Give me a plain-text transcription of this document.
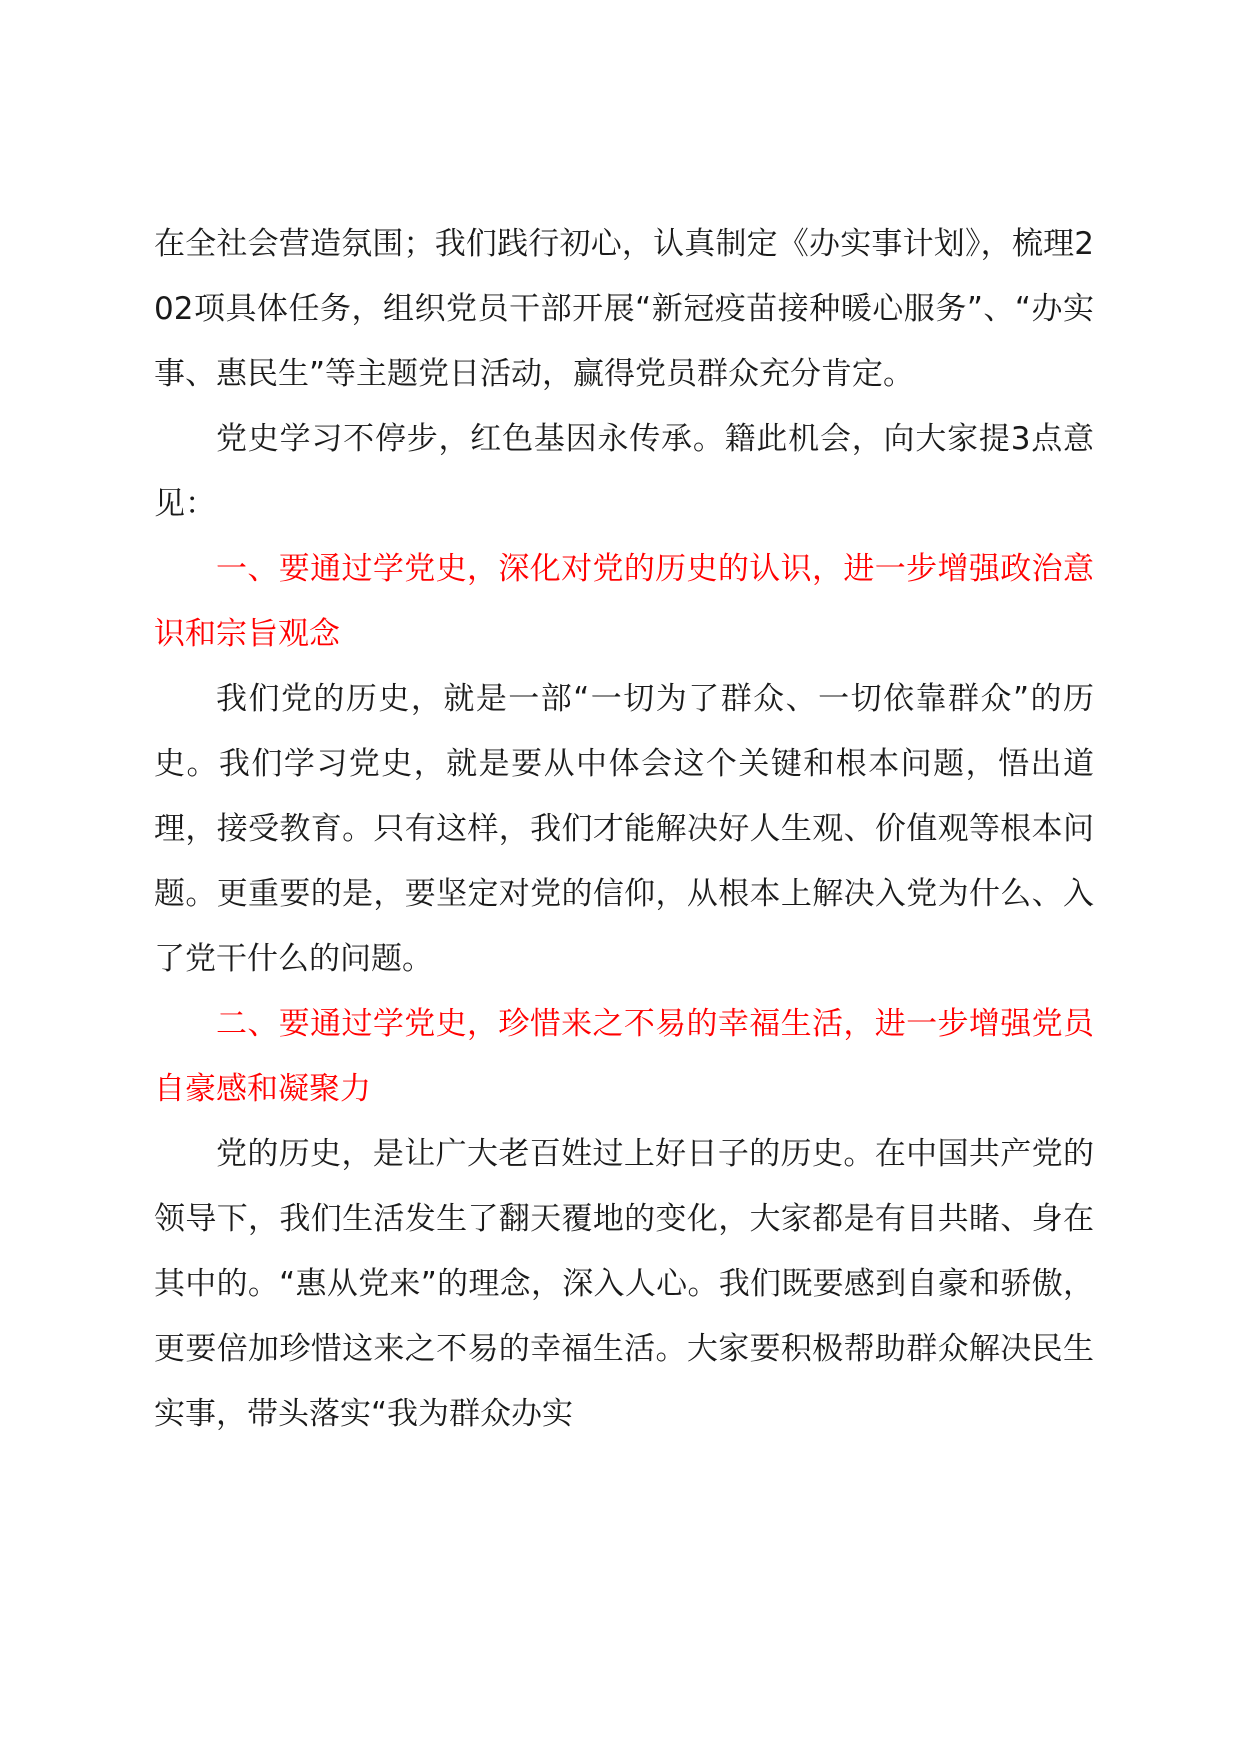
在全社会营造氛围；我们践行初心，认真制定《办实事计划》，梳理202项具体任务，组织党员干部开展“新冠疫苗接种暖心服务”、“办实事、惠民生”等主题党日活动，赢得党员群众充分肯定。

党史学习不停步，红色基因永传承。籍此机会，向大家提3点意见：

一、要通过学党史，深化对党的历史的认识，进一步增强政治意识和宗旨观念

我们党的历史，就是一部“一切为了群众、一切依靠群众”的历史。我们学习党史，就是要从中体会这个关键和根本问题，悟出道理，接受教育。只有这样，我们才能解决好人生观、价值观等根本问题。更重要的是，要坚定对党的信仰，从根本上解决入党为什么、入了党干什么的问题。

二、要通过学党史，珍惜来之不易的幸福生活，进一步增强党员自豪感和凝聚力

党的历史，是让广大老百姓过上好日子的历史。在中国共产党的领导下，我们生活发生了翻天覆地的变化，大家都是有目共睹、身在其中的。“惠从党来”的理念，深入人心。我们既要感到自豪和骄傲，更要倍加珍惜这来之不易的幸福生活。大家要积极帮助群众解决民生实事，带头落实“我为群众办实
